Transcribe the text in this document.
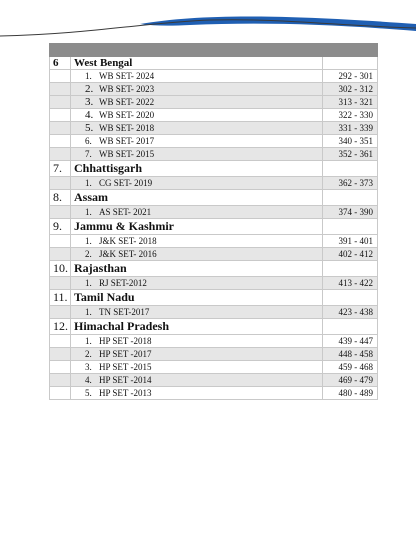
6	West Bengal	
	1. WB SET- 2024	292 - 301
	2. WB SET- 2023	302 - 312
	3. WB SET- 2022	313 - 321
	4. WB SET- 2020	322 - 330
	5. WB SET- 2018	331 - 339
	6. WB SET- 2017	340 - 351
	7. WB SET- 2015	352 - 361
7.	Chhattisgarh	
	1. CG SET- 2019	362 - 373
8.	Assam	
	1. AS SET- 2021	374 - 390
9.	Jammu & Kashmir	
	1. J&K SET- 2018	391 - 401
	2. J&K SET- 2016	402 - 412
10.	Rajasthan	
	1. RJ SET-2012	413 - 422
11.	Tamil Nadu	
	1. TN SET-2017	423 - 438
12.	Himachal Pradesh	
	1. HP SET -2018	439 - 447
	2. HP SET -2017	448 - 458
	3. HP SET -2015	459 - 468
	4. HP SET -2014	469 - 479
	5. HP SET -2013	480 - 489
